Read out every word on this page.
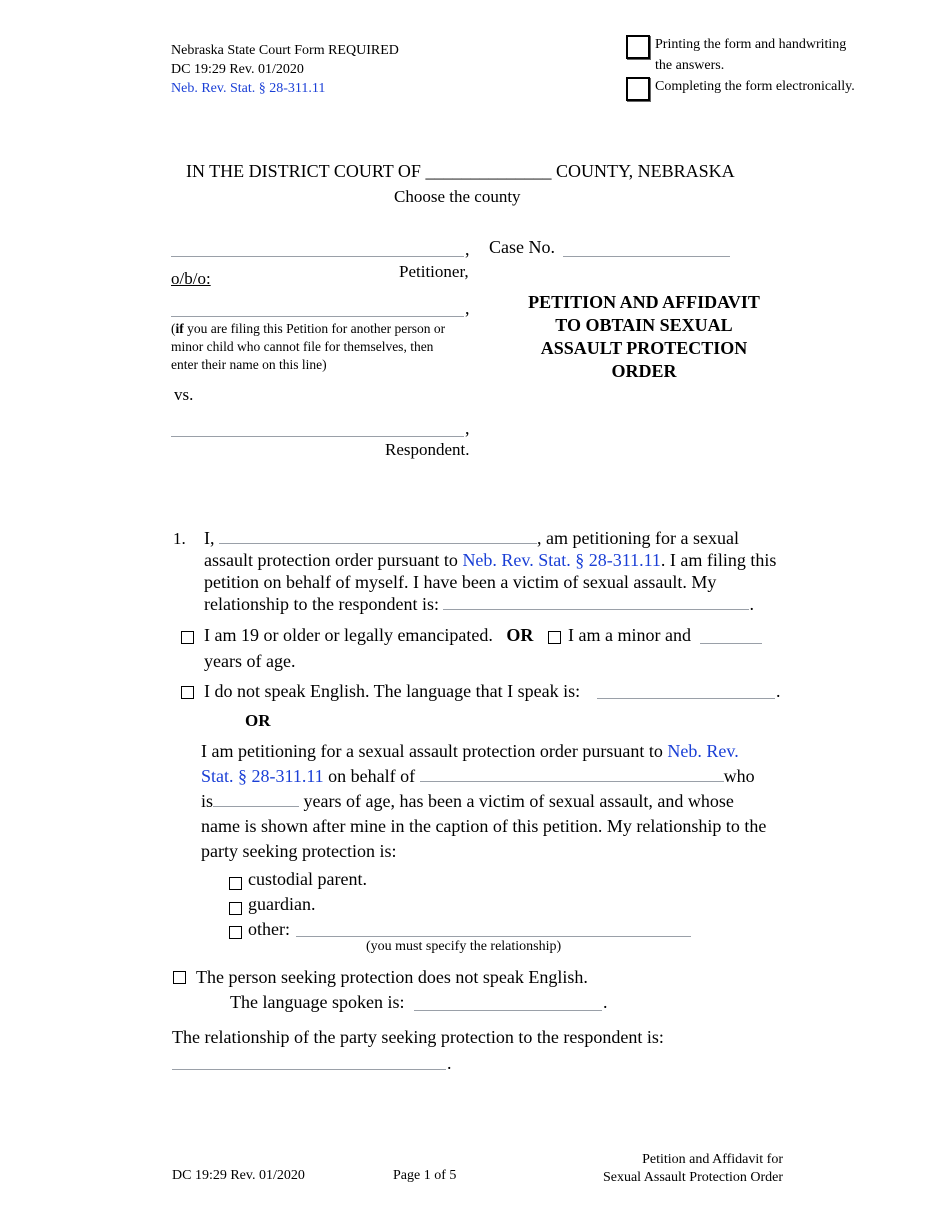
Nebraska State Court Form REQUIRED
DC 19:29 Rev. 01/2020
Neb. Rev. Stat. § 28-311.11
Printing the form and handwriting
the answers.
Completing the form electronically.
IN THE DISTRICT COURT OF ______________ COUNTY, NEBRASKA
Choose the county
, Case No.
Petitioner,
o/b/o:
,
(if you are filing this Petition for another person or
minor child who cannot file for themselves, then
enter their name on this line)
vs.
,
Respondent.
PETITION AND AFFIDAVIT
TO OBTAIN SEXUAL
ASSAULT PROTECTION
ORDER
1. I,	, am petitioning for a sexual
assault protection order pursuant to Neb. Rev. Stat. § 28-311.11. I am filing this
petition on behalf of myself. I have been a victim of sexual assault. My
relationship to the respondent is:	.
I am 19 or older or legally emancipated. OR I am a minor and
years of age.
I do not speak English. The language that I speak is:	.
OR
I am petitioning for a sexual assault protection order pursuant to Neb. Rev.
Stat. § 28-311.11 on behalf of	who
is	years of age, has been a victim of sexual assault, and whose
name is shown after mine in the caption of this petition. My relationship to the
party seeking protection is:
custodial parent.
guardian.
other:
(you must specify the relationship)
The person seeking protection does not speak English.
The language spoken is:	.
The relationship of the party seeking protection to the respondent is:
.
DC 19:29 Rev. 01/2020	Page 1 of 5
Petition and Affidavit for
Sexual Assault Protection Order
